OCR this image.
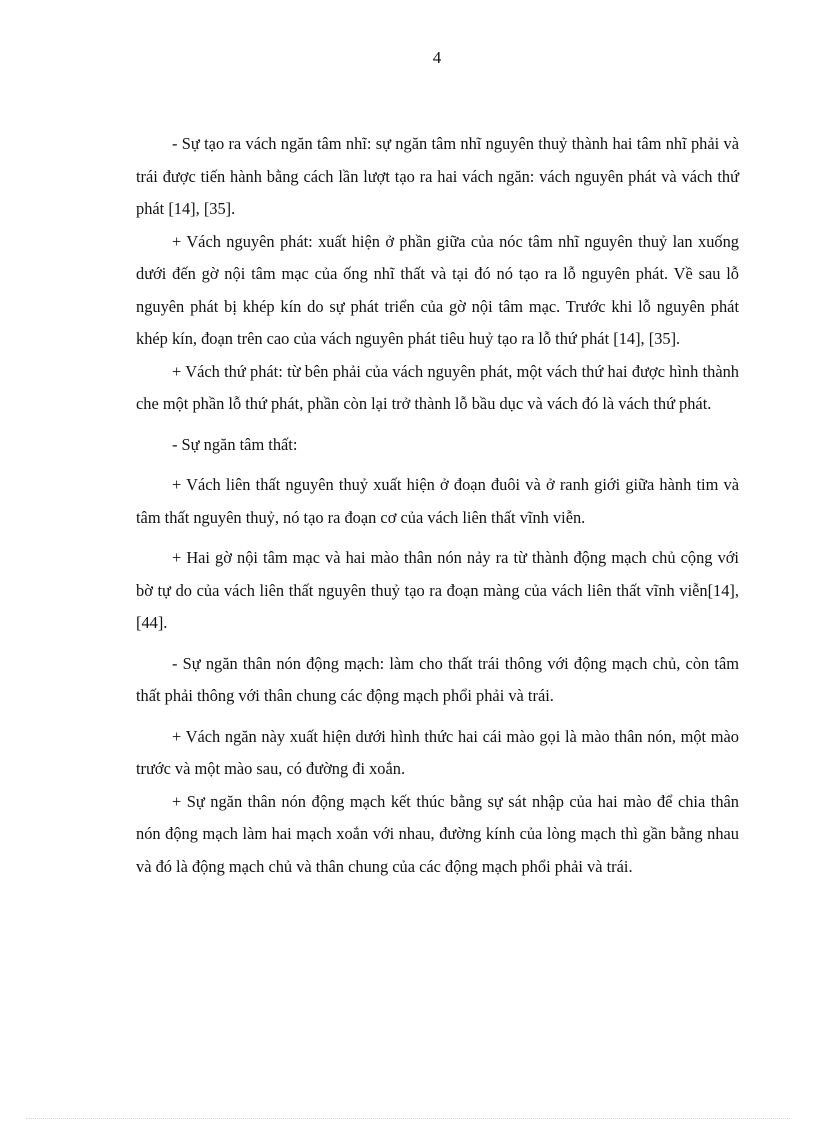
4

- Sự tạo ra vách ngăn tâm nhĩ: sự ngăn tâm nhĩ nguyên thuỷ thành hai tâm nhĩ phải và trái được tiến hành bằng cách lần lượt tạo ra hai vách ngăn: vách nguyên phát và vách thứ phát [14], [35].

+ Vách nguyên phát: xuất hiện ở phần giữa của nóc tâm nhĩ nguyên thuỷ lan xuống dưới đến gờ nội tâm mạc của ống nhĩ thất và tại đó nó tạo ra lỗ nguyên phát. Về sau lỗ nguyên phát bị khép kín do sự phát triển của gờ nội tâm mạc. Trước khi lỗ nguyên phát khép kín, đoạn trên cao của vách nguyên phát tiêu huỷ tạo ra lỗ thứ phát [14], [35].

+ Vách thứ phát: từ bên phải của vách nguyên phát, một vách thứ hai được hình thành che một phần lỗ thứ phát, phần còn lại trở thành lỗ bầu dục và vách đó là vách thứ phát.

- Sự ngăn tâm thất:

+ Vách liên thất nguyên thuỷ xuất hiện ở đoạn đuôi và ở ranh giới giữa hành tim và tâm thất nguyên thuỷ, nó tạo ra đoạn cơ của vách liên thất vĩnh viễn.

+ Hai gờ nội tâm mạc và hai mào thân nón nảy ra từ thành động mạch chủ cộng với bờ tự do của vách liên thất nguyên thuỷ tạo ra đoạn màng của vách liên thất vĩnh viễn[14], [44].

- Sự ngăn thân nón động mạch: làm cho thất trái thông với động mạch chủ, còn tâm thất phải thông với thân chung các động mạch phổi phải và trái.

+ Vách ngăn này xuất hiện dưới hình thức hai cái mào gọi là mào thân nón, một mào trước và một mào sau, có đường đi xoắn.

+ Sự ngăn thân nón động mạch kết thúc bằng sự sát nhập của hai mào để chia thân nón động mạch làm hai mạch xoắn với nhau, đường kính của lòng mạch thì gần bằng nhau và đó là động mạch chủ và thân chung của các động mạch phổi phải và trái.
